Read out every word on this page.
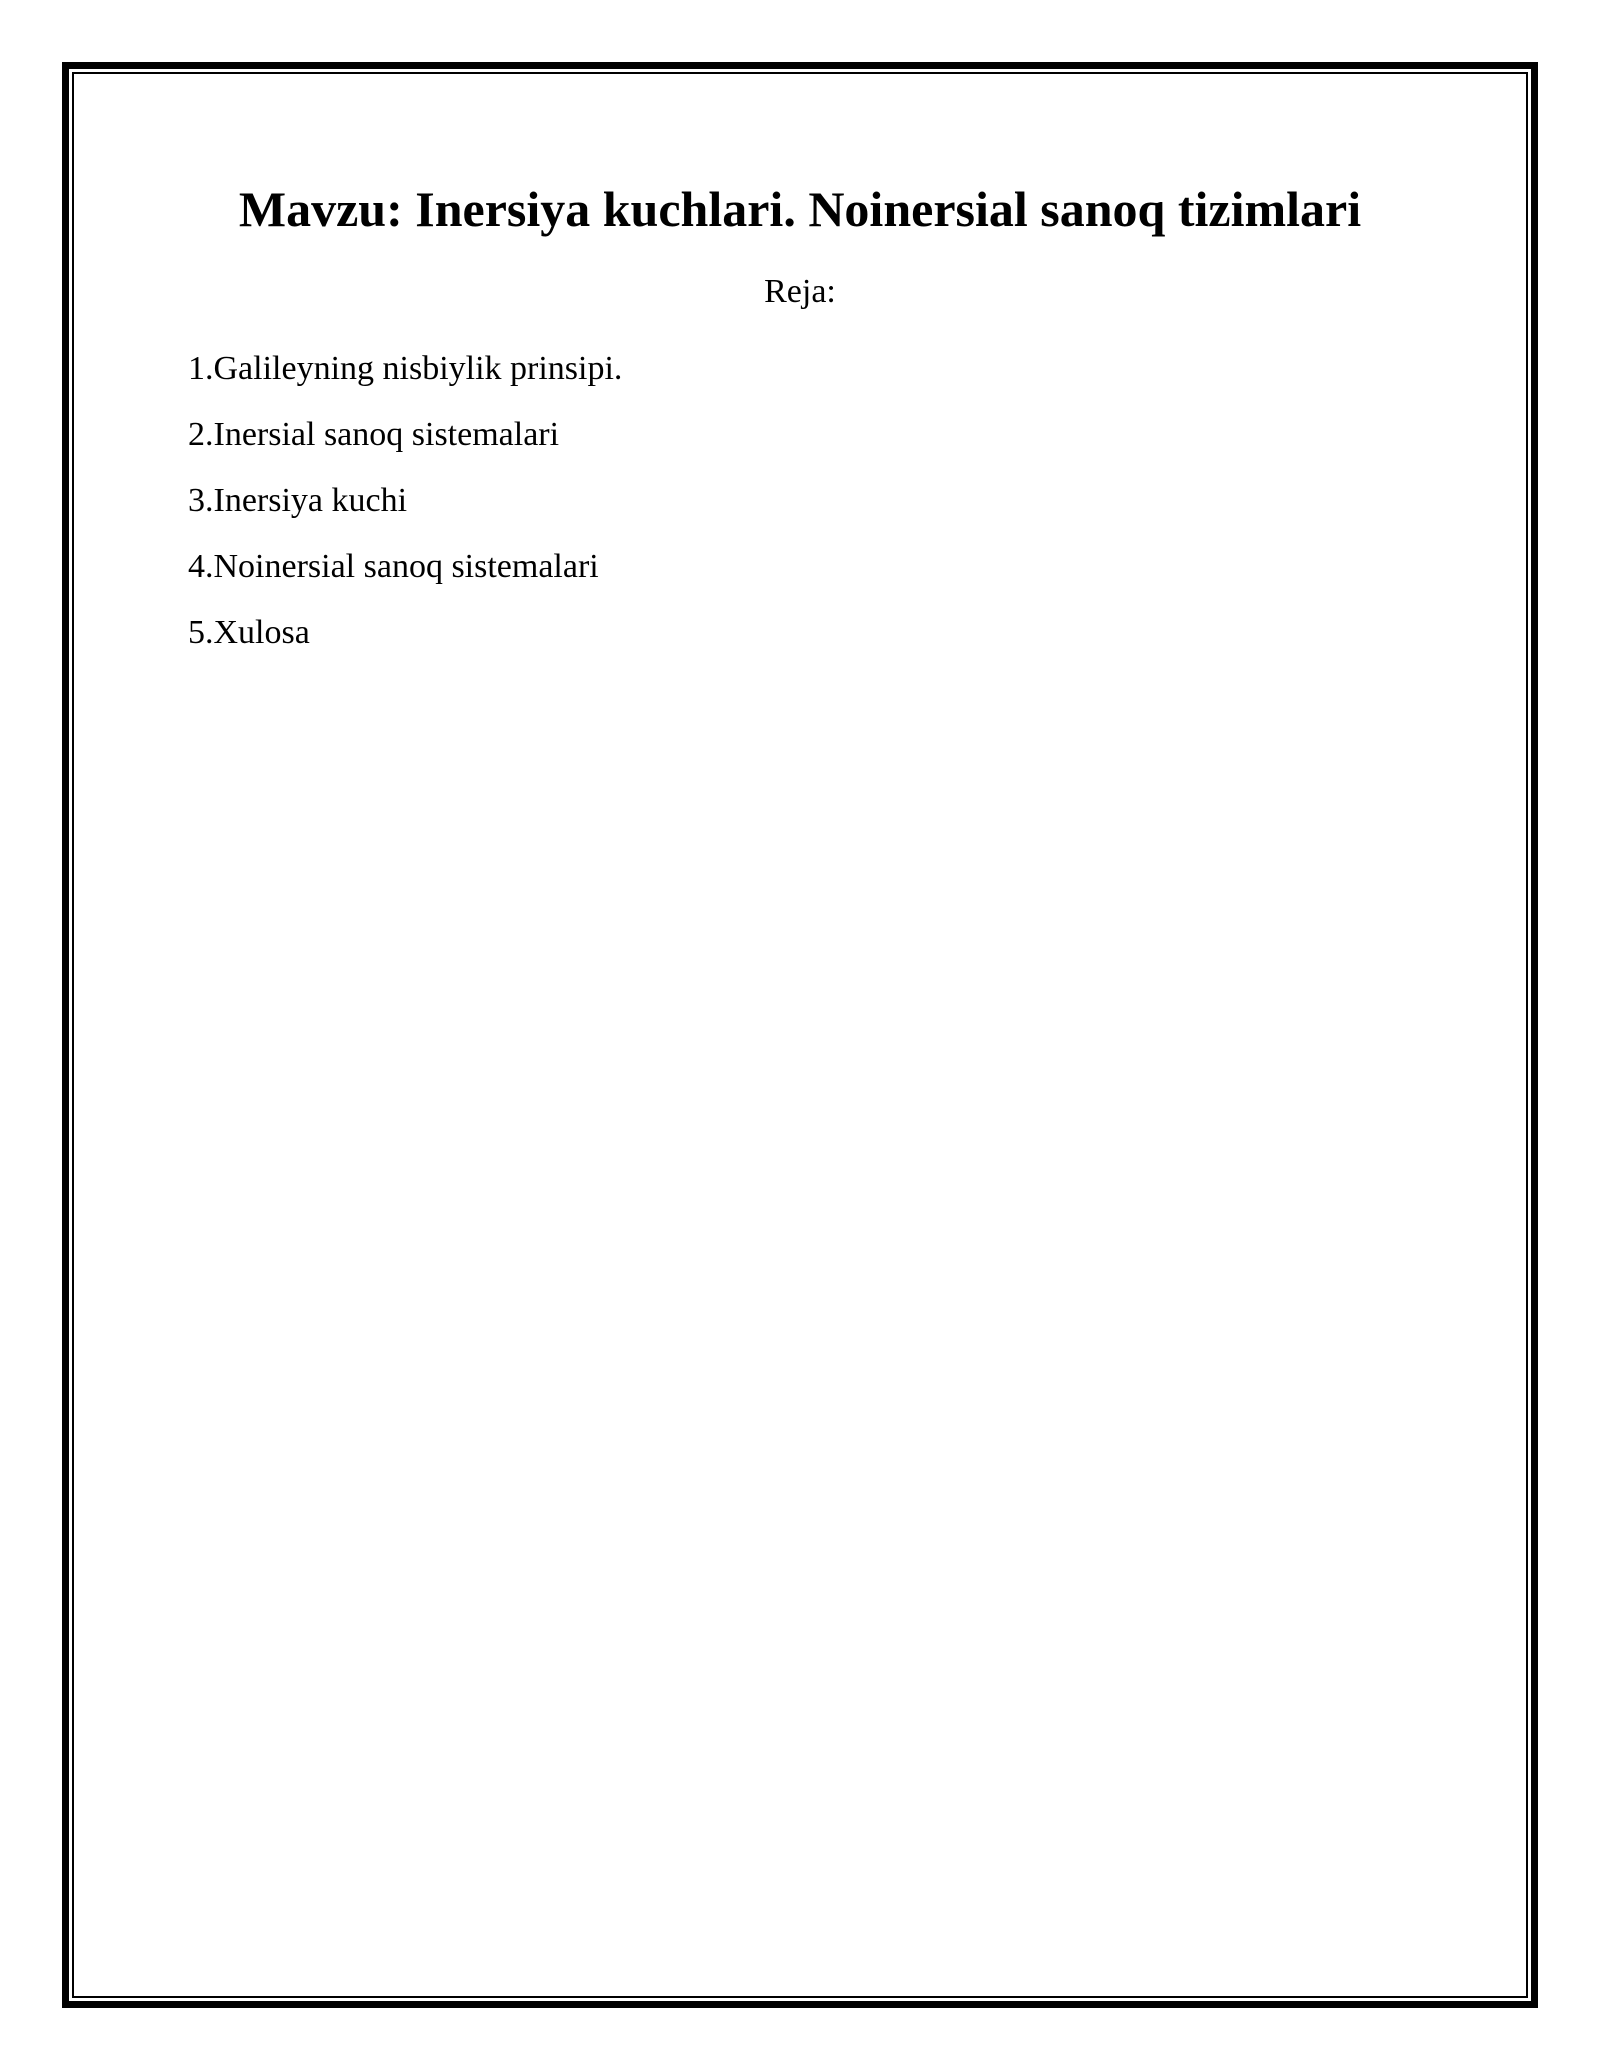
Mavzu: Inersiya kuchlari. Noinersial sanoq tizimlari

Reja:

1.Galileyning nisbiylik prinsipi.
2.Inersial sanoq sistemalari
3.Inersiya kuchi
4.Noinersial sanoq sistemalari
5.Xulosa
